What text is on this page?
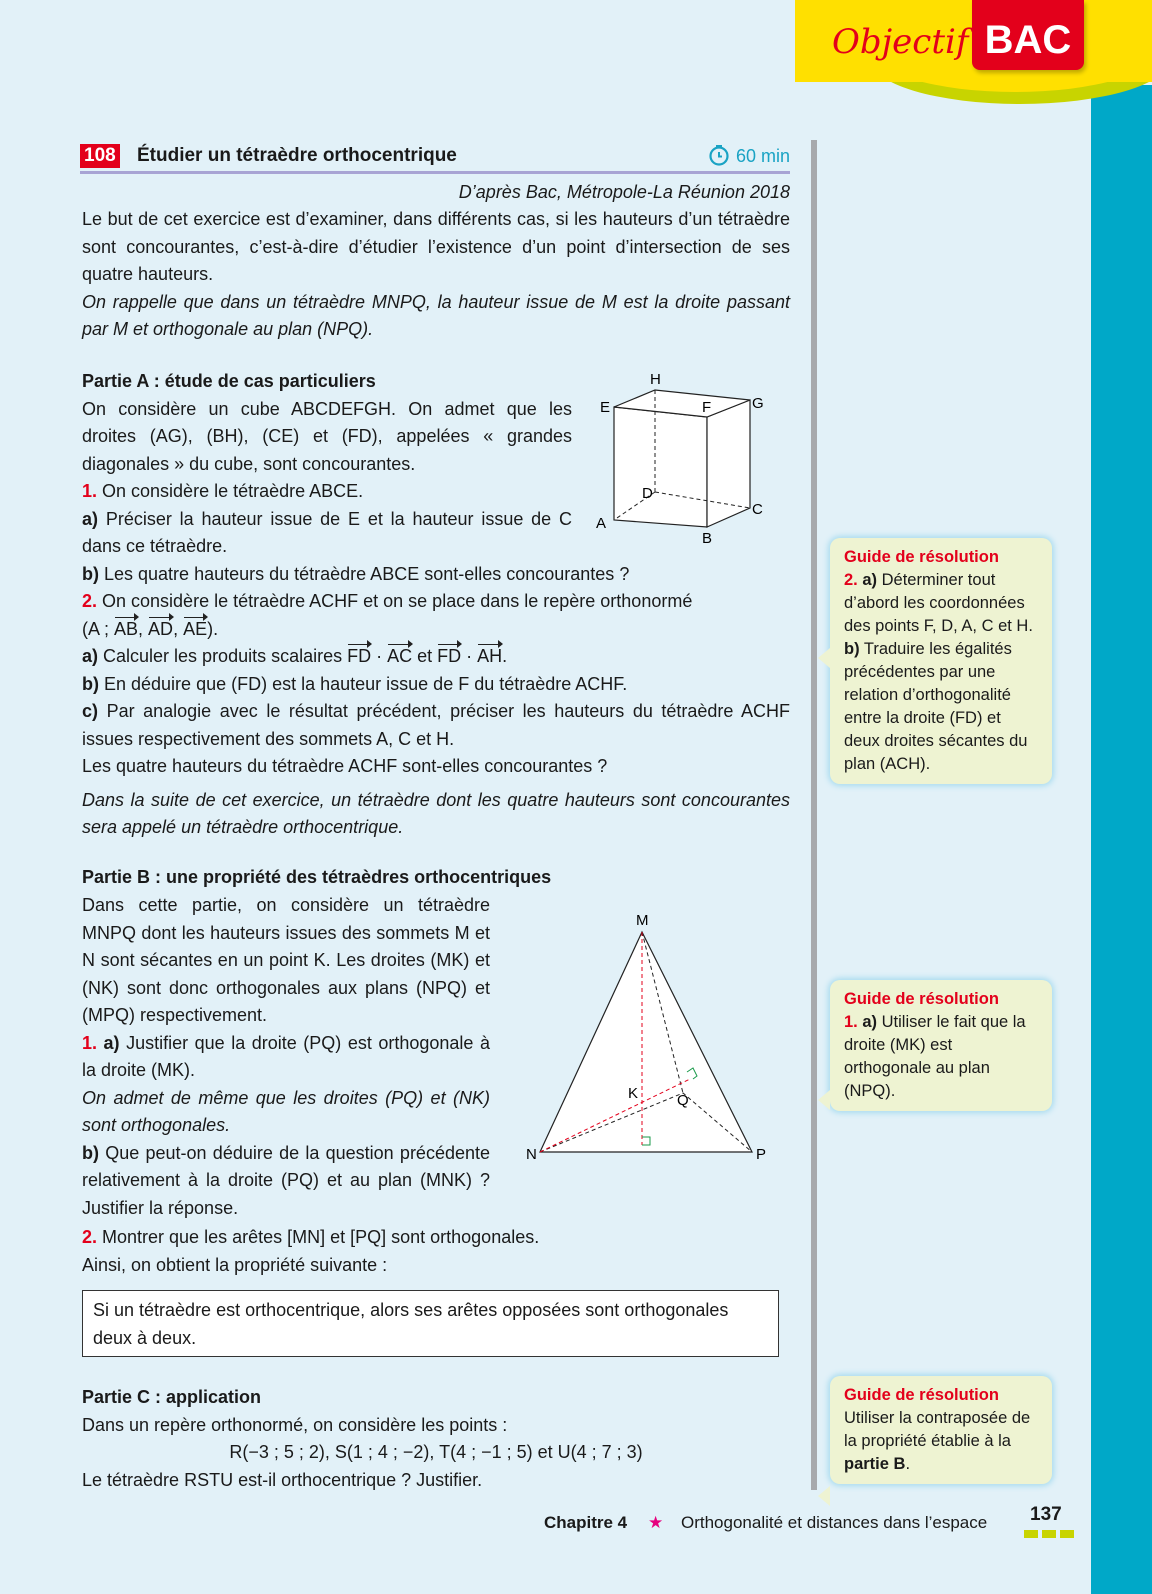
Objectif BAC
108 Étudier un tétraèdre orthocentrique	60 min
D’après Bac, Métropole-La Réunion 2018
Le but de cet exercice est d’examiner, dans différents cas, si les hauteurs d’un tétraèdre sont concourantes, c’est-à-dire d’étudier l’existence d’un point d’intersection de ses quatre hauteurs.
On rappelle que dans un tétraèdre MNPQ, la hauteur issue de M est la droite passant par M et orthogonale au plan (NPQ).
Partie A : étude de cas particuliers
On considère un cube ABCDEFGH. On admet que les droites (AG), (BH), (CE) et (FD), appelées « grandes diagonales » du cube, sont concourantes.
1. On considère le tétraèdre ABCE.
a) Préciser la hauteur issue de E et la hauteur issue de C dans ce tétraèdre.
A
B
C
D
E	F	G
H

b) Les quatre hauteurs du tétraèdre ABCE sont-elles concourantes ?
2. On considère le tétraèdre ACHF et on se place dans le repère orthonormé
(A ; AB, AD, AE).
a) Calculer les produits scalaires FD · AC et FD · AH.
b) En déduire que (FD) est la hauteur issue de F du tétraèdre ACHF.
c) Par analogie avec le résultat précédent, préciser les hauteurs du tétraèdre ACHF issues respectivement des sommets A, C et H.
Les quatre hauteurs du tétraèdre ACHF sont-elles concourantes ?
Dans la suite de cet exercice, un tétraèdre dont les quatre hauteurs sont concourantes sera appelé un tétraèdre orthocentrique.
Partie B : une propriété des tétraèdres orthocentriques
Dans cette partie, on considère un tétraèdre MNPQ dont les hauteurs issues des sommets M et N sont sécantes en un point K. Les droites (MK) et (NK) sont donc orthogonales aux plans (NPQ) et (MPQ) respectivement.
1. a) Justifier que la droite (PQ) est orthogonale à la droite (MK).
On admet de même que les droites (PQ) et (NK) sont orthogonales.
b) Que peut-on déduire de la question précédente relativement à la droite (PQ) et au plan (MNK) ? Justifier la réponse.
M
N	P
Q
K
2. Montrer que les arêtes [MN] et [PQ] sont orthogonales.
Ainsi, on obtient la propriété suivante :
Si un tétraèdre est orthocentrique, alors ses arêtes opposées sont orthogonales deux à deux.
Partie C : application
Dans un repère orthonormé, on considère les points :
R(−3 ; 5 ; 2), S(1 ; 4 ; −2), T(4 ; −1 ; 5) et U(4 ; 7 ; 3)
Le tétraèdre RSTU est-il orthocentrique ? Justifier.
Guide de résolution
2. a) Déterminer tout d’abord les coordonnées des points F, D, A, C et H.
b) Traduire les égalités précédentes par une relation d’orthogonalité entre la droite (FD) et deux droites sécantes du plan (ACH).
Guide de résolution
1. a) Utiliser le fait que la droite (MK) est orthogonale au plan (NPQ).
Guide de résolution
Utiliser la contraposée de la propriété établie à la partie B.
Chapitre 4 ★ Orthogonalité et distances dans l’espace 137
